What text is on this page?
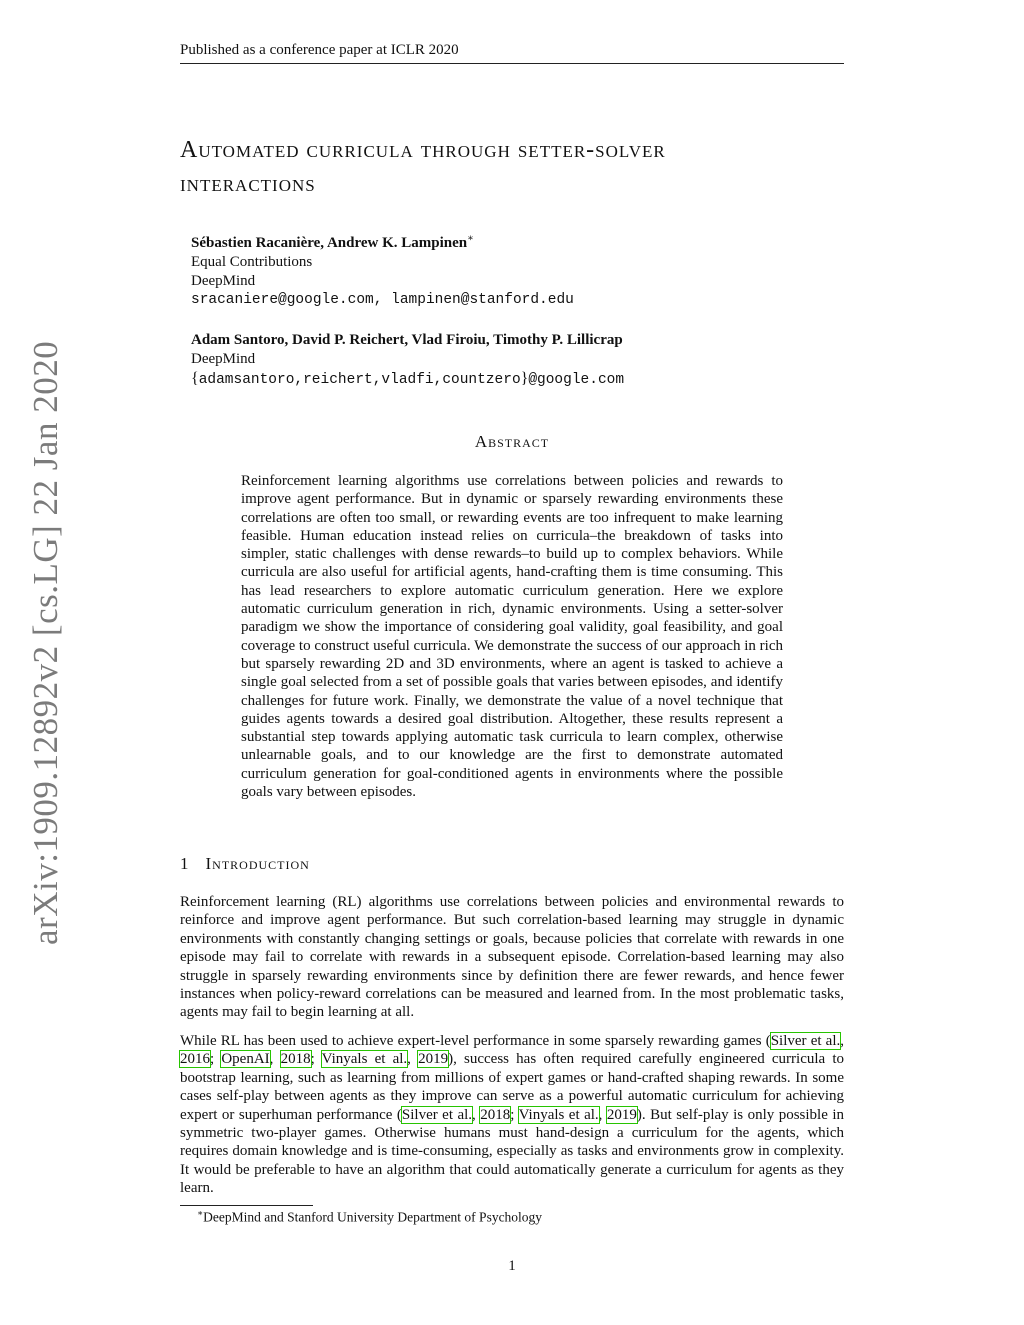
Published as a conference paper at ICLR 2020
arXiv:1909.12892v2 [cs.LG] 22 Jan 2020
Automated curricula through setter-solver
interactions
Sébastien Racanière, Andrew K. Lampinen∗
Equal Contributions
DeepMind
sracaniere@google.com, lampinen@stanford.edu
Adam Santoro, David P. Reichert, Vlad Firoiu, Timothy P. Lillicrap
DeepMind
{adamsantoro,reichert,vladfi,countzero}@google.com
Abstract

Reinforcement learning algorithms use correlations between policies and rewards to improve agent performance. But in dynamic or sparsely rewarding environments these correlations are often too small, or rewarding events are too infrequent to make learning feasible. Human education instead relies on curricula–the breakdown of tasks into simpler, static challenges with dense rewards–to build up to complex behaviors. While curricula are also useful for artificial agents, hand-crafting them is time consuming. This has lead researchers to explore automatic curriculum generation. Here we explore automatic curriculum generation in rich, dynamic environments. Using a setter-solver paradigm we show the importance of considering goal validity, goal feasibility, and goal coverage to construct useful curricula. We demonstrate the success of our approach in rich but sparsely rewarding 2D and 3D environments, where an agent is tasked to achieve a single goal selected from a set of possible goals that varies between episodes, and identify challenges for future work. Finally, we demonstrate the value of a novel technique that guides agents towards a desired goal distribution. Altogether, these results represent a substantial step towards applying automatic task curricula to learn complex, otherwise unlearnable goals, and to our knowledge are the first to demonstrate automated curriculum generation for goal-conditioned agents in environments where the possible goals vary between episodes.

1 Introduction

Reinforcement learning (RL) algorithms use correlations between policies and environmental rewards to reinforce and improve agent performance. But such correlation-based learning may struggle in dynamic environments with constantly changing settings or goals, because policies that correlate with rewards in one episode may fail to correlate with rewards in a subsequent episode. Correlation-based learning may also struggle in sparsely rewarding environments since by definition there are fewer rewards, and hence fewer instances when policy-reward correlations can be measured and learned from. In the most problematic tasks, agents may fail to begin learning at all.

While RL has been used to achieve expert-level performance in some sparsely rewarding games (Silver et al., 2016; OpenAI, 2018; Vinyals et al., 2019), success has often required carefully engineered curricula to bootstrap learning, such as learning from millions of expert games or hand-crafted shaping rewards. In some cases self-play between agents as they improve can serve as a powerful automatic curriculum for achieving expert or superhuman performance (Silver et al., 2018; Vinyals et al., 2019). But self-play is only possible in symmetric two-player games. Otherwise humans must hand-design a curriculum for the agents, which requires domain knowledge and is time-consuming, especially as tasks and environments grow in complexity. It would be preferable to have an algorithm that could automatically generate a curriculum for agents as they learn.

∗DeepMind and Stanford University Department of Psychology
1
